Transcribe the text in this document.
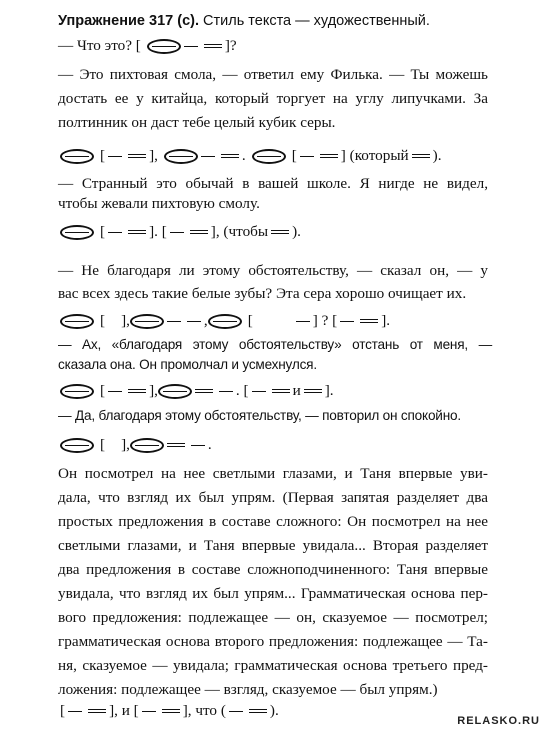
Упражнение 317 (с). Стиль текста — художественный.
— Что это? [	]?
— Это пихтовая смола, — ответил ему Филька. — Ты можешь
достать ее у китайца, который торгует на углу липучками. За
полтинник он даст тебе целый кубик серы.
[	],	.	[	] (который ).
— Странный это обычай в вашей школе. Я нигде не видел,
чтобы жевали пихтовую смолу.
[	]. [	], (чтобы ).
— Не благодаря ли этому обстоятельству, — сказал он, — у
вас всех здесь такие белые зубы? Эта сера хорошо очищает их.
[ ],	,	[	] ? [	].
— Ах, «благодаря этому обстоятельству» отстань от меня, —
сказала она. Он промолчал и усмехнулся.
[	],	. [	и ].
— Да, благодаря этому обстоятельству, — повторил он спокойно.
[ ],	.
Он посмотрел на нее светлыми глазами, и Таня впервые уви-
дала, что взгляд их был упрям. (Первая запятая разделяет два
простых предложения в составе сложного: Он посмотрел на нее
светлыми глазами, и Таня впервые увидала... Вторая разделяет
два предложения в составе сложноподчиненного: Таня впервые
увидала, что взгляд их был упрям... Грамматическая основа пер-
вого предложения: подлежащее — он, сказуемое — посмотрел;
грамматическая основа второго предложения: подлежащее — Та-
ня, сказуемое — увидала; грамматическая основа третьего пред-
ложения: подлежащее — взгляд, сказуемое — был упрям.)
[	], и [	], что (	).
RELASKO.RU
